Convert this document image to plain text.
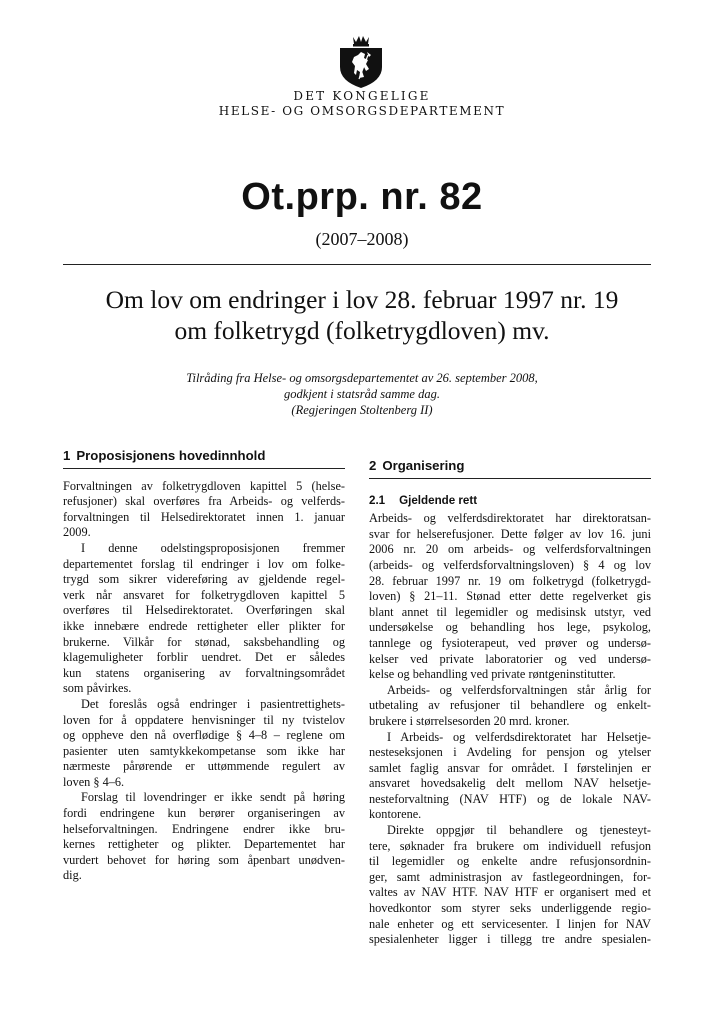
DET KONGELIGE
HELSE- OG OMSORGSDEPARTEMENT
Ot.prp. nr. 82
(2007–2008)
Om lov om endringer i lov 28. februar 1997 nr. 19
om folketrygd (folketrygdloven) mv.
Tilråding fra Helse- og omsorgsdepartementet av 26. september 2008,
godkjent i statsråd samme dag.
(Regjeringen Stoltenberg II)
1 Proposisjonens hovedinnhold
Forvaltningen av folketrygdloven kapittel 5 (helse-
refusjoner) skal overføres fra Arbeids- og velferds-
forvaltningen til Helsedirektoratet innen 1. januar
2009.
I denne odelstingsproposisjonen fremmer
departementet forslag til endringer i lov om folke-
trygd som sikrer videreføring av gjeldende regel-
verk når ansvaret for folketrygdloven kapittel 5
overføres til Helsedirektoratet. Overføringen skal
ikke innebære endrede rettigheter eller plikter for
brukerne. Vilkår for stønad, saksbehandling og
klagemuligheter forblir uendret. Det er således
kun statens organisering av forvaltningsområdet
som påvirkes.
Det foreslås også endringer i pasientrettighets-
loven for å oppdatere henvisninger til ny tvistelov
og oppheve den nå overflødige § 4–8 – reglene om
pasienter uten samtykkekompetanse som ikke har
nærmeste pårørende er uttømmende regulert av
loven § 4–6.
Forslag til lovendringer er ikke sendt på høring
fordi endringene kun berører organiseringen av
helseforvaltningen. Endringene endrer ikke bru-
kernes rettigheter og plikter. Departementet har
vurdert behovet for høring som åpenbart unødven-
dig.
2 Organisering
2.1 Gjeldende rett
Arbeids- og velferdsdirektoratet har direktoratsan-
svar for helserefusjoner. Dette følger av lov 16. juni
2006 nr. 20 om arbeids- og velferdsforvaltningen
(arbeids- og velferdsforvaltningsloven) § 4 og lov
28. februar 1997 nr. 19 om folketrygd (folketrygd-
loven) § 21–11. Stønad etter dette regelverket gis
blant annet til legemidler og medisinsk utstyr, ved
undersøkelse og behandling hos lege, psykolog,
tannlege og fysioterapeut, ved prøver og undersø-
kelser ved private laboratorier og ved undersø-
kelse og behandling ved private røntgeninstitutter.
Arbeids- og velferdsforvaltningen står årlig for
utbetaling av refusjoner til behandlere og enkelt-
brukere i størrelsesorden 20 mrd. kroner.
I Arbeids- og velferdsdirektoratet har Helsetje-
nesteseksjonen i Avdeling for pensjon og ytelser
samlet faglig ansvar for området. I førstelinjen er
ansvaret hovedsakelig delt mellom NAV helsetje-
nesteforvaltning (NAV HTF) og de lokale NAV-
kontorene.
Direkte oppgjør til behandlere og tjenesteyt-
tere, søknader fra brukere om individuell refusjon
til legemidler og enkelte andre refusjonsordnin-
ger, samt administrasjon av fastlegeordningen, for-
valtes av NAV HTF. NAV HTF er organisert med et
hovedkontor som styrer seks underliggende regio-
nale enheter og ett servicesenter. I linjen for NAV
spesialenheter ligger i tillegg tre andre spesialen-
